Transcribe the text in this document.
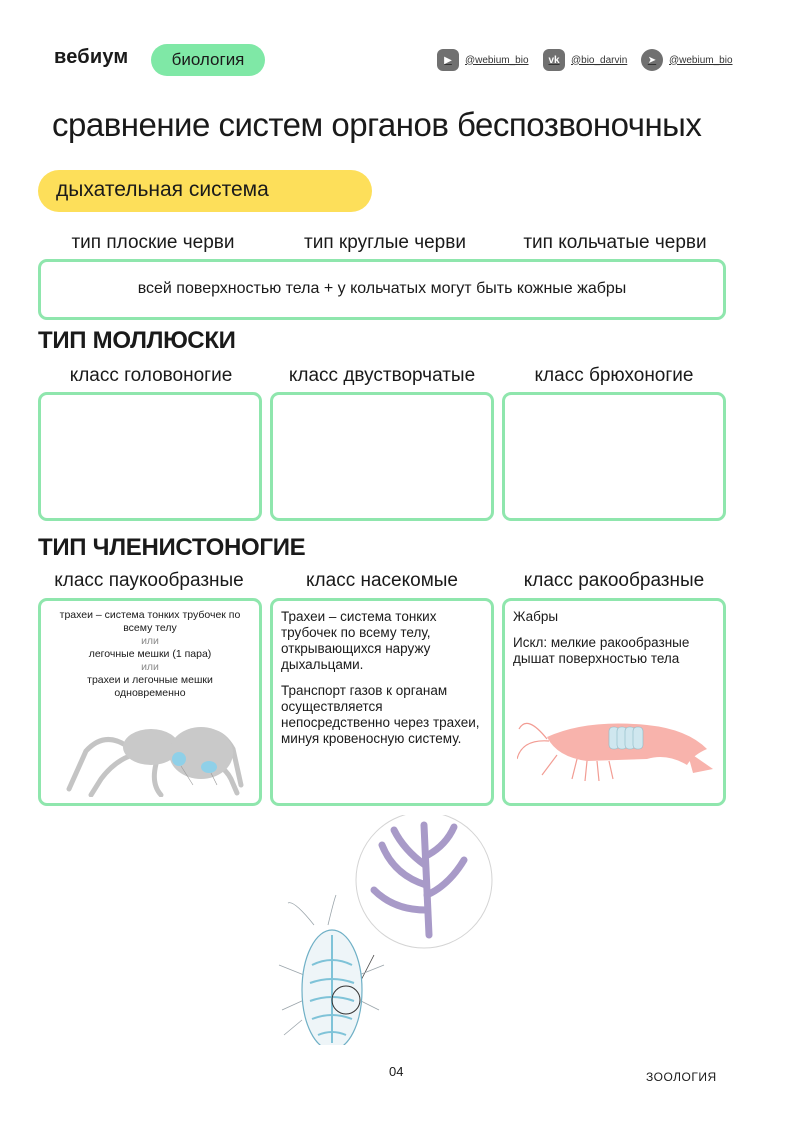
вебиум	биология	▶	@webium_bio	vk	@bio_darvin	➤	@webium_bio
сравнение систем органов беспозвоночных
дыхательная система
тип плоские черви	тип круглые черви	тип кольчатые черви
всей поверхностью тела + у кольчатых могут быть кожные жабры
ТИП МОЛЛЮСКИ
класс головоногие	класс двустворчатые	класс брюхоногие
ТИП ЧЛЕНИСТОНОГИЕ
класс паукообразные	класс насекомые	класс ракообразные
трахеи – система тонких трубочек по всему телу
или
легочные мешки (1 пара)
или
трахеи и легочные мешки одновременно
Трахеи – система тонких трубочек по всему телу, открывающихся наружу дыхальцами.
Транспорт газов к органам осуществляется непосредственно через трахеи, минуя кровеносную систему.
Жабры
Искл: мелкие ракообразные дышат поверхностью тела
04	ЗООЛОГИЯ
